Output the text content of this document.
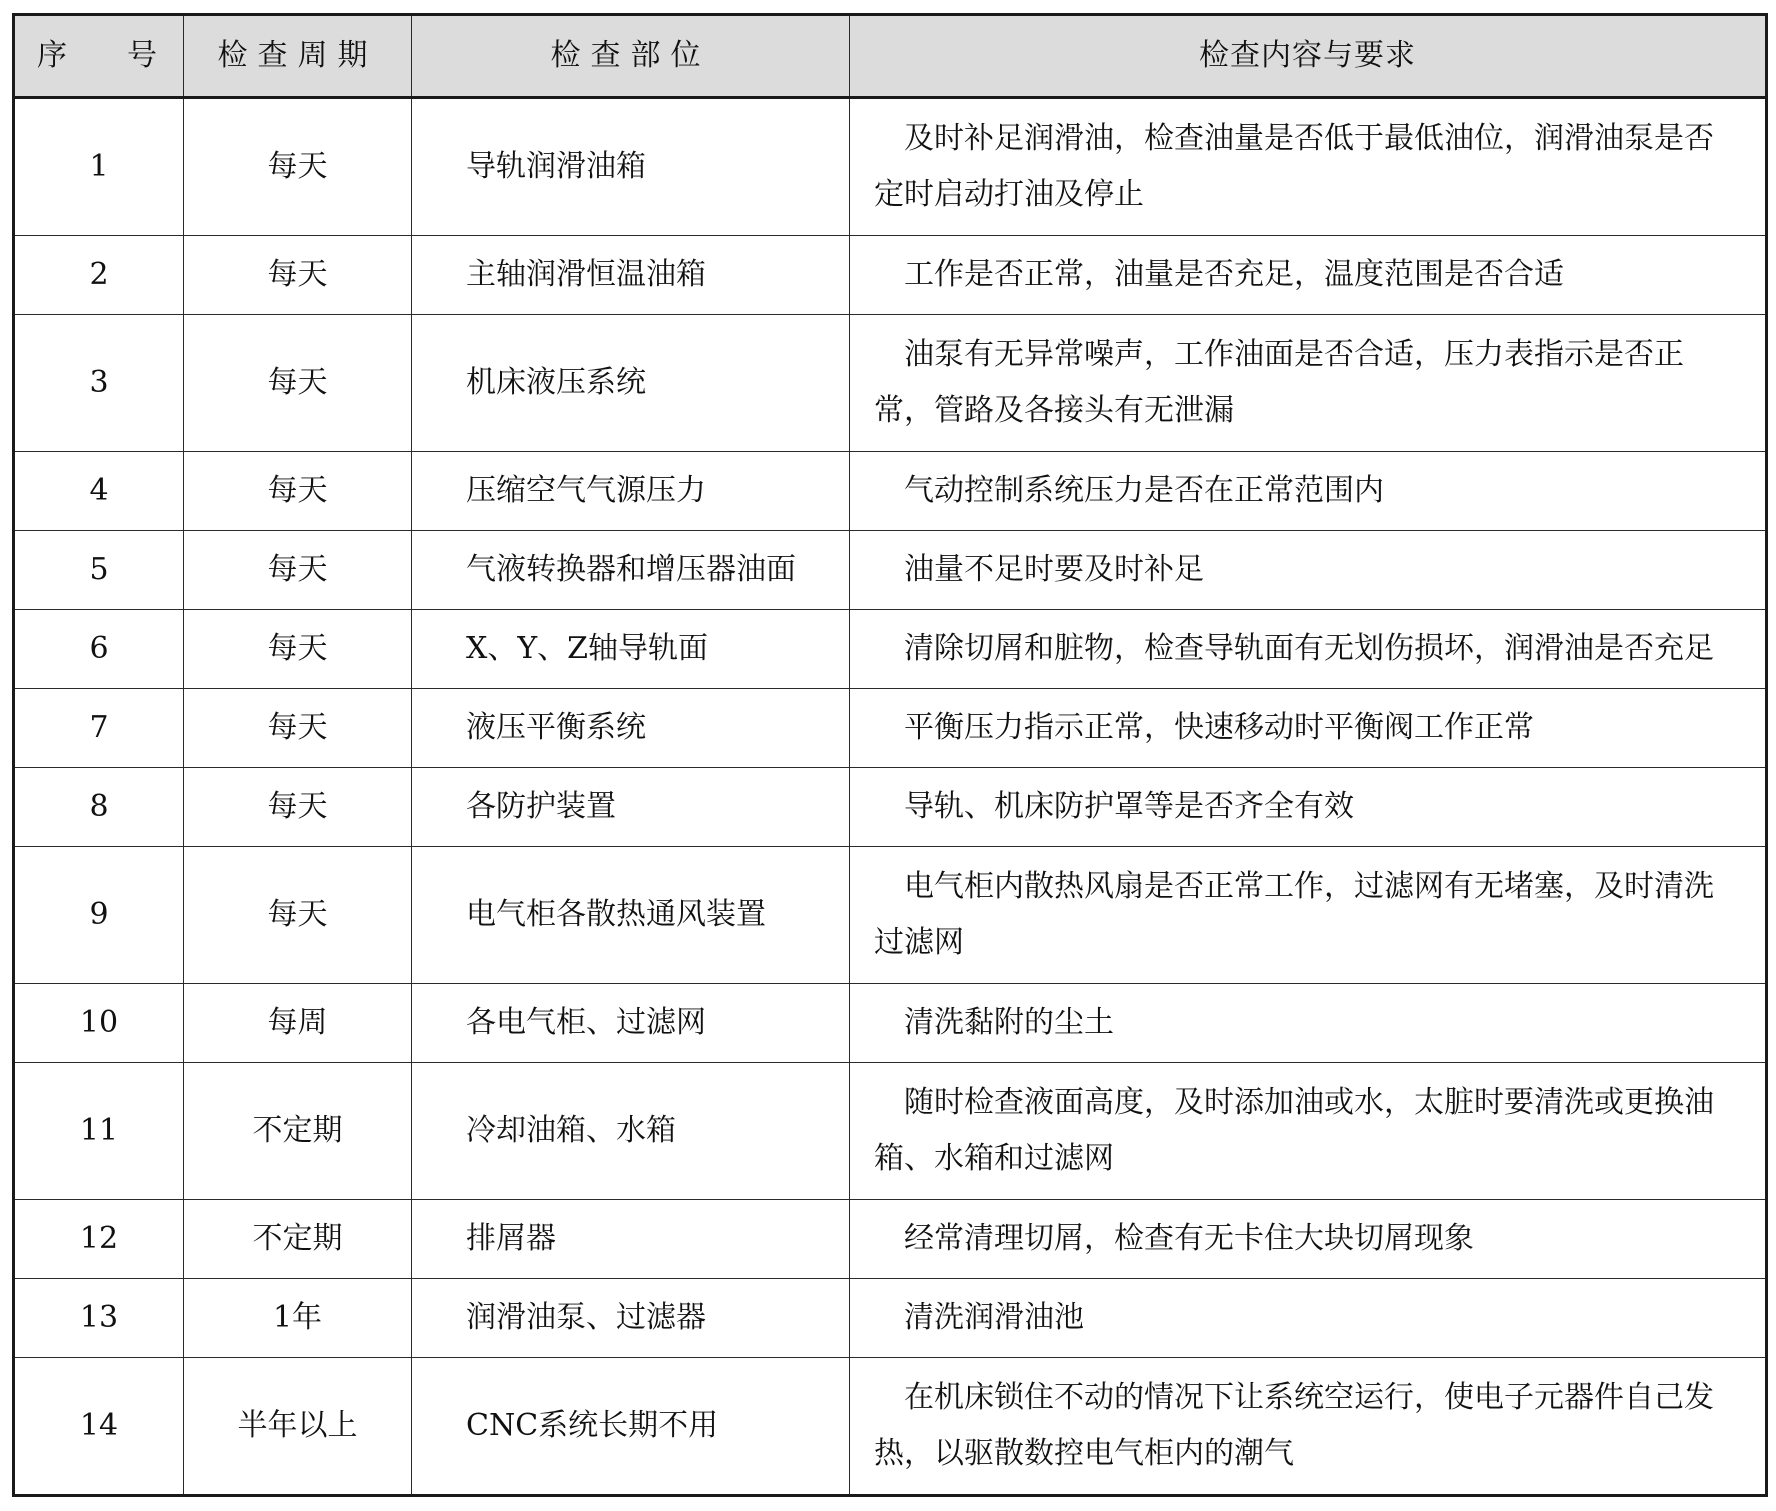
序 号	检查周期	检查部位	检查内容与要求
1	每天	导轨润滑油箱	及时补足润滑油，检查油量是否低于最低油位，润滑油泵是否定时启动打油及停止
2	每天	主轴润滑恒温油箱	工作是否正常，油量是否充足，温度范围是否合适
3	每天	机床液压系统	油泵有无异常噪声，工作油面是否合适，压力表指示是否正常，管路及各接头有无泄漏
4	每天	压缩空气气源压力	气动控制系统压力是否在正常范围内
5	每天	气液转换器和增压器油面	油量不足时要及时补足
6	每天	X、Y、Z轴导轨面	清除切屑和脏物，检查导轨面有无划伤损坏，润滑油是否充足
7	每天	液压平衡系统	平衡压力指示正常，快速移动时平衡阀工作正常
8	每天	各防护装置	导轨、机床防护罩等是否齐全有效
9	每天	电气柜各散热通风装置	电气柜内散热风扇是否正常工作，过滤网有无堵塞，及时清洗过滤网
10	每周	各电气柜、过滤网	清洗黏附的尘土
11	不定期	冷却油箱、水箱	随时检查液面高度，及时添加油或水，太脏时要清洗或更换油箱、水箱和过滤网
12	不定期	排屑器	经常清理切屑，检查有无卡住大块切屑现象
13	1年	润滑油泵、过滤器	清洗润滑油池
14	半年以上	CNC系统长期不用	在机床锁住不动的情况下让系统空运行，使电子元器件自己发热，以驱散数控电气柜内的潮气
